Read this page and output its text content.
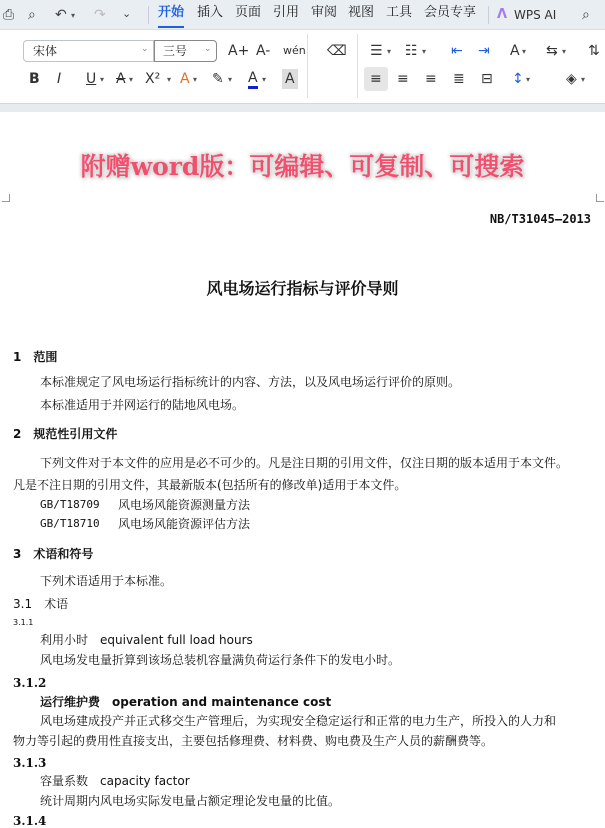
⎙ ⌕ ↶ ▾ ↷ ⌄ 开始 插入 页面 引用 审阅 视图 工具 会员专享 Ʌ WPS AI ⌕
宋体	⌄ 三号 ⌄ A+ A- wén ⌫ ☰ ▾ ☷ ▾ ⇤ ⇥ A ▾ ⇆ ▾ ⇅
B I U ▾ A ▾ X² ▾ A ▾ ✎ ▾ A ▾ A	≡ ≡ ≡ ≣ ⊟ ↕ ▾	◈ ▾
附赠word版：可编辑、可复制、可搜索
NB/T31045—2013
风电场运行指标与评价导则
1　范围
本标准规定了风电场运行指标统计的内容、方法，以及风电场运行评价的原则。
本标准适用于并网运行的陆地风电场。
2　规范性引用文件
下列文件对于本文件的应用是必不可少的。凡是注日期的引用文件，仅注日期的版本适用于本文件。
凡是不注日期的引用文件，其最新版本(包括所有的修改单)适用于本文件。
GB/T18709 风电场风能资源测量方法
GB/T18710 风电场风能资源评估方法
3　术语和符号
下列术语适用于本标准。
3.1　术语
3.1.1
利用小时　equivalent full load hours
风电场发电量折算到该场总装机容量满负荷运行条件下的发电小时。
3.1.2
运行维护费　operation and maintenance cost
风电场建成投产并正式移交生产管理后，为实现安全稳定运行和正常的电力生产，所投入的人力和
物力等引起的费用性直接支出，主要包括修理费、材料费、购电费及生产人员的薪酬费等。
3.1.3
容量系数　capacity factor
统计周期内风电场实际发电量占额定理论发电量的比值。
3.1.4
